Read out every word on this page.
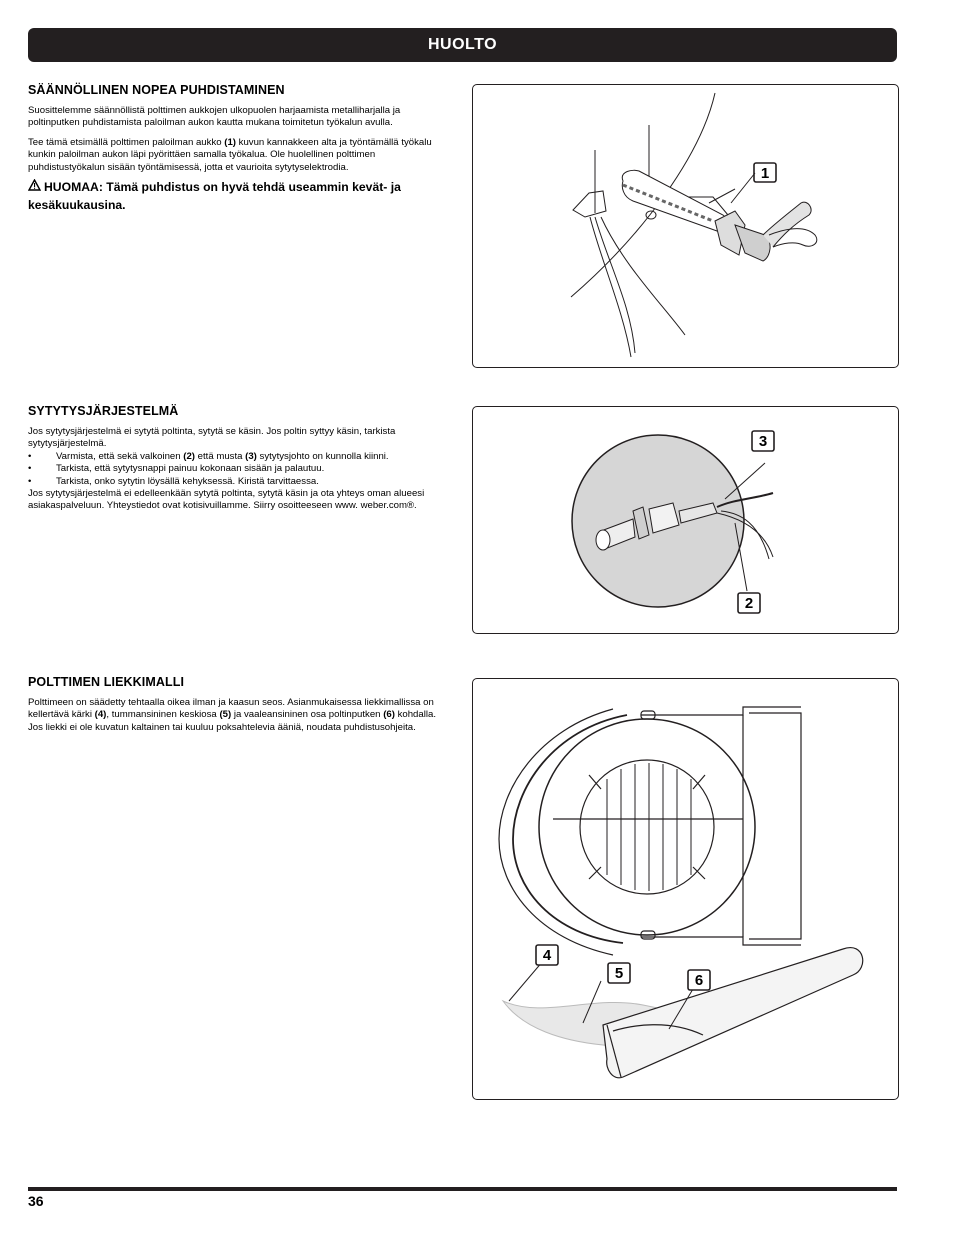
HUOLTO
SÄÄNNÖLLINEN NOPEA PUHDISTAMINEN

Suosittelemme säännöllistä polttimen aukkojen ulkopuolen harjaamista metalliharjalla ja poltinputken puhdistamista paloilman aukon kautta mukana toimitetun työkalun avulla.

Tee tämä etsimällä polttimen paloilman aukko (1) kuvun kannakkeen alta ja työntämällä työkalu kunkin paloilman aukon läpi pyörittäen samalla työkalua. Ole huolellinen polttimen puhdistustyökalun sisään työntämisessä, jotta et vaurioita sytytyselektrodia.

HUOMAA: Tämä puhdistus on hyvä tehdä useammin kevät- ja kesäkuukausina.

1
SYTYTYSJÄRJESTELMÄ

Jos sytytysjärjestelmä ei sytytä poltinta, sytytä se käsin. Jos poltin syttyy käsin, tarkista sytytysjärjestelmä.

• Varmista, että sekä valkoinen (2) että musta (3) sytytysjohto on kunnolla kiinni.
• Tarkista, että sytytysnappi painuu kokonaan sisään ja palautuu.
• Tarkista, onko sytytin löysällä kehyksessä. Kiristä tarvittaessa.

Jos sytytysjärjestelmä ei edelleenkään sytytä poltinta, sytytä käsin ja ota yhteys oman alueesi asiakaspalveluun. Yhteystiedot ovat kotisivuillamme. Siirry osoitteeseen www. weber.com®.

3
2
POLTTIMEN LIEKKIMALLI

Polttimeen on säädetty tehtaalla oikea ilman ja kaasun seos. Asianmukaisessa liekkimallissa on kellertävä kärki (4), tummansininen keskiosa (5) ja vaaleansininen osa poltinputken (6) kohdalla. Jos liekki ei ole kuvatun kaltainen tai kuuluu poksahtelevia ääniä, noudata puhdistusohjeita.

4
5	6
36
